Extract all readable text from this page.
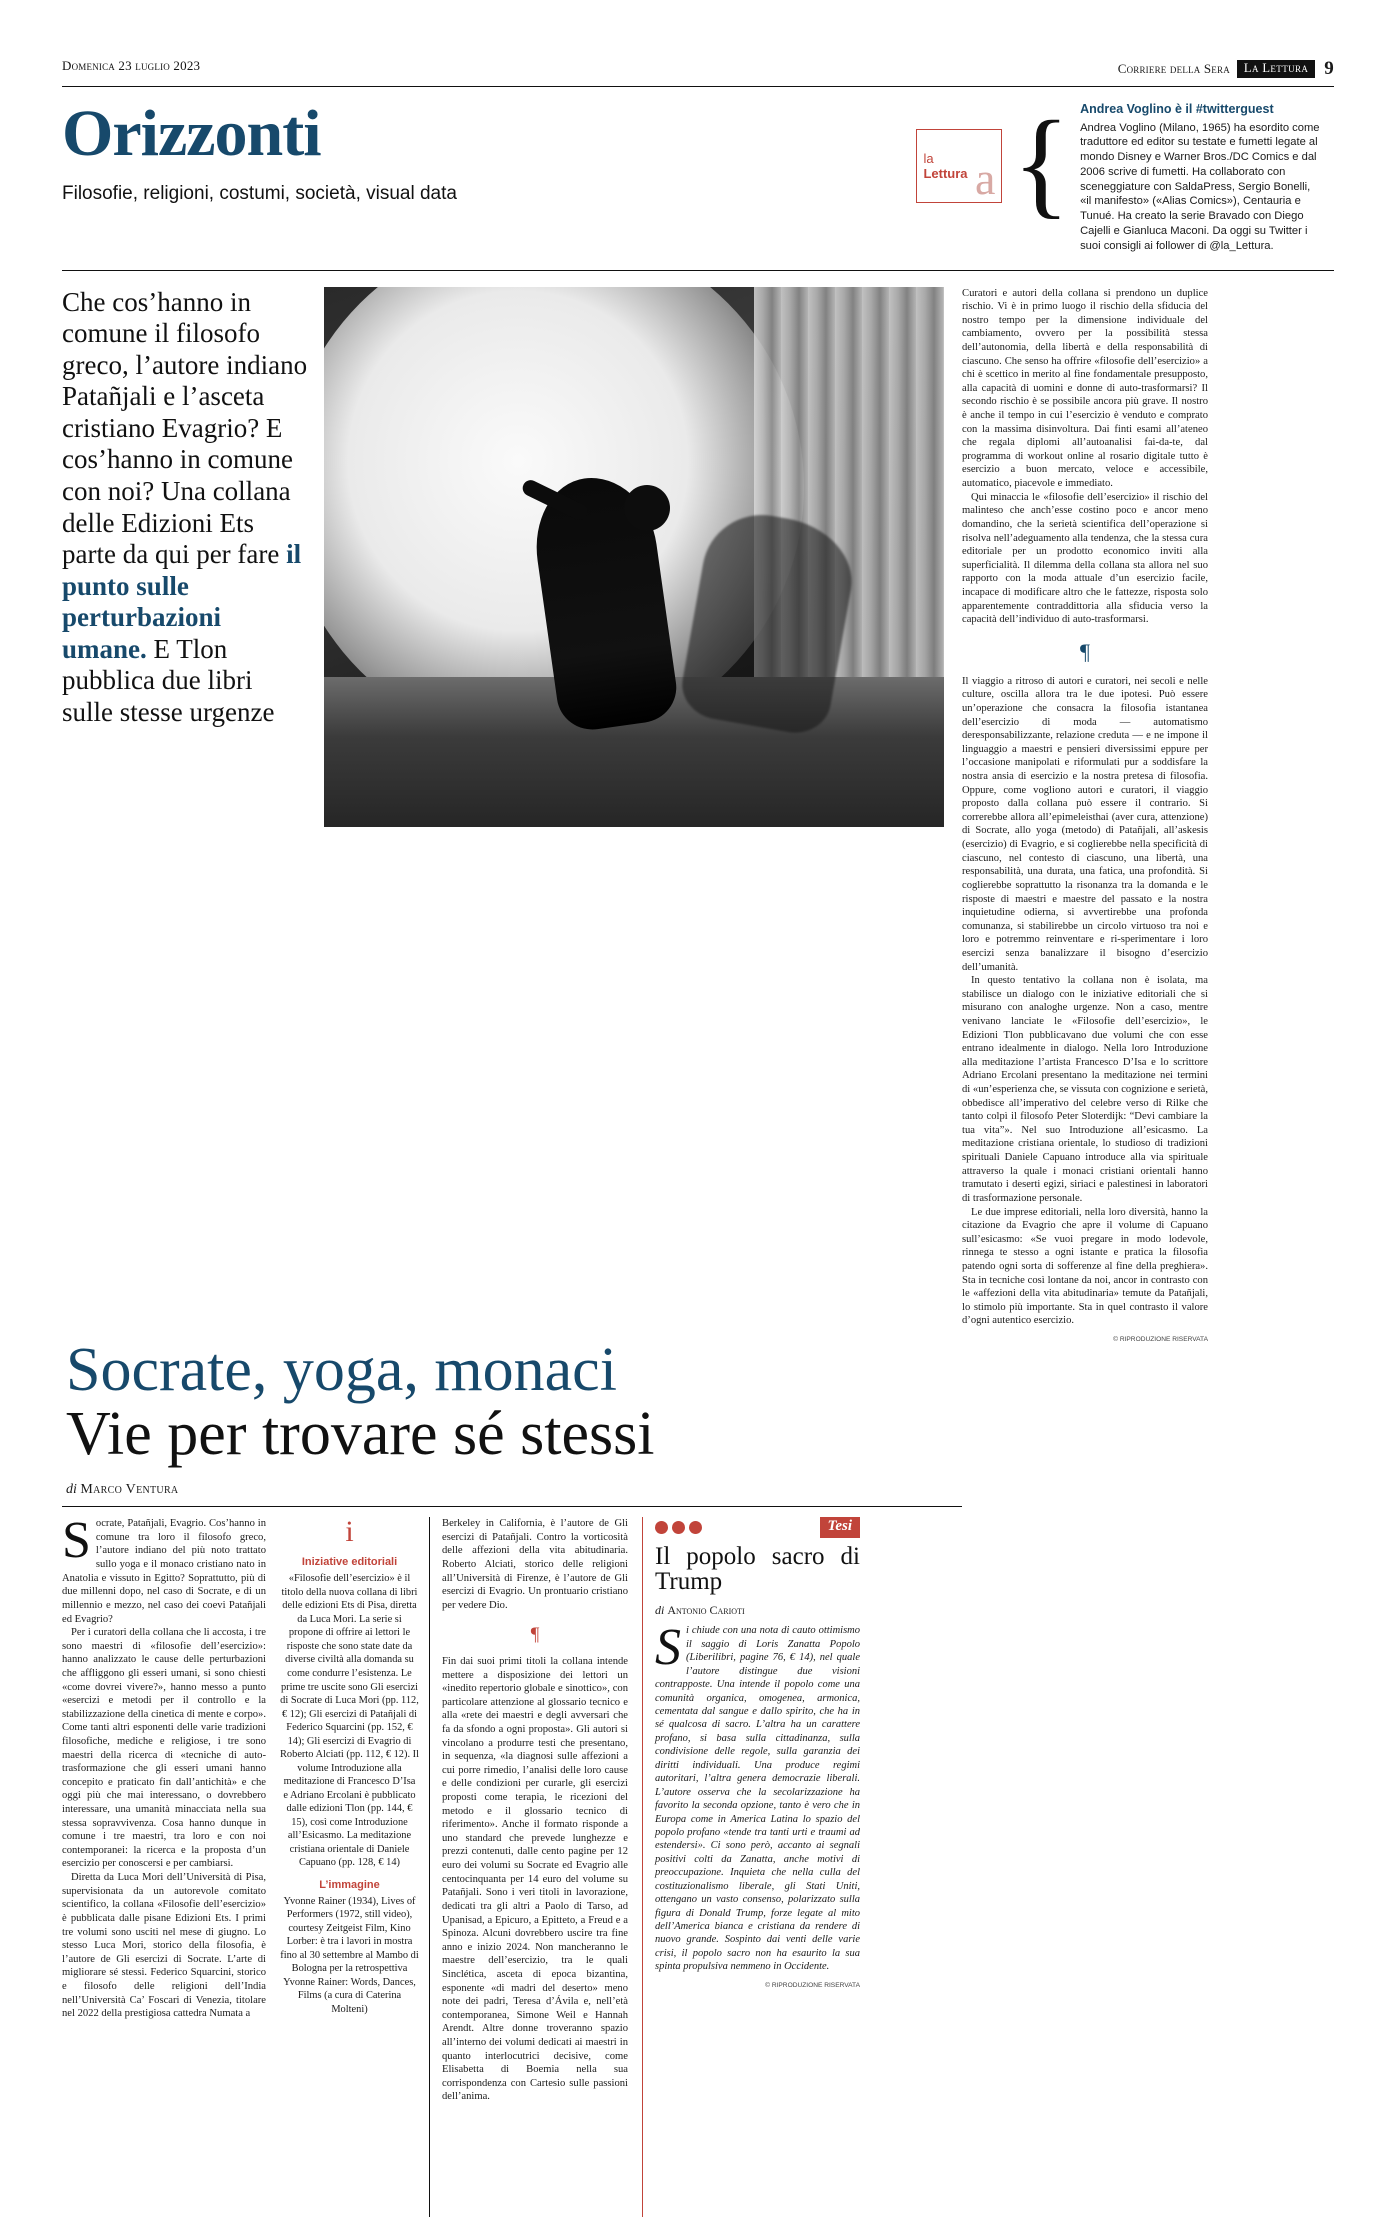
Domenica 23 luglio 2023	Corriere della Sera	La Lettura 9
Orizzonti
Filosofie, religioni, costumi, società, visual data
la
Lettura a { Andrea Voglino è il #twitterguest
Andrea Voglino (Milano, 1965) ha esordito come traduttore ed editor su testate e fumetti legate al mondo Disney e Warner Bros./DC Comics e dal 2006 scrive di fumetti. Ha collaborato con sceneggiature con SaldaPress, Sergio Bonelli, «il manifesto» («Alias Comics»), Centauria e Tunué. Ha creato la serie Bravado con Diego Cajelli e Gianluca Maconi. Da oggi su Twitter i suoi consigli ai follower di @la_Lettura.
Che cos’hanno in comune il filosofo greco, l’autore indiano Patañjali e l’asceta cristiano Evagrio? E cos’hanno in comune con noi? Una collana delle Edizioni Ets parte da qui per fare il punto sulle perturbazioni umane. E Tlon pubblica due libri sulle stesse urgenze

Curatori e autori della collana si prendono un duplice rischio. Vi è in primo luogo il rischio della sfiducia del nostro tempo per la dimensione individuale del cambiamento, ovvero per la possibilità stessa dell’autonomia, della libertà e della responsabilità di ciascuno. Che senso ha offrire «filosofie dell’esercizio» a chi è scettico in merito al fine fondamentale presupposto, alla capacità di uomini e donne di auto-trasformarsi? Il secondo rischio è se possibile ancora più grave. Il nostro è anche il tempo in cui l’esercizio è venduto e comprato con la massima disinvoltura. Dai finti esami all’ateneo che regala diplomi all’autoanalisi fai-da-te, dal programma di workout online al rosario digitale tutto è esercizio a buon mercato, veloce e accessibile, automatico, piacevole e immediato.

Qui minaccia le «filosofie dell’esercizio» il rischio del malinteso che anch’esse costino poco e ancor meno domandino, che la serietà scientifica dell’operazione si risolva nell’adeguamento alla tendenza, che la stessa cura editoriale per un prodotto economico inviti alla superficialità. Il dilemma della collana sta allora nel suo rapporto con la moda attuale d’un esercizio facile, incapace di modificare altro che le fattezze, risposta solo apparentemente contraddittoria alla sfiducia verso la capacità dell’individuo di auto-trasformarsi.

¶

Il viaggio a ritroso di autori e curatori, nei secoli e nelle culture, oscilla allora tra le due ipotesi. Può essere un’operazione che consacra la filosofia istantanea dell’esercizio di moda — automatismo deresponsabilizzante, relazione creduta — e ne impone il linguaggio a maestri e pensieri diversissimi eppure per l’occasione manipolati e riformulati pur a soddisfare la nostra ansia di esercizio e la nostra pretesa di filosofia. Oppure, come vogliono autori e curatori, il viaggio proposto dalla collana può essere il contrario. Si correrebbe allora all’epimeleisthai (aver cura, attenzione) di Socrate, allo yoga (metodo) di Patañjali, all’askesis (esercizio) di Evagrio, e si coglierebbe nella specificità di ciascuno, nel contesto di ciascuno, una libertà, una responsabilità, una durata, una fatica, una profondità. Si coglierebbe soprattutto la risonanza tra la domanda e le risposte di maestri e maestre del passato e la nostra inquietudine odierna, si avvertirebbe una profonda comunanza, si stabilirebbe un circolo virtuoso tra noi e loro e potremmo reinventare e ri-sperimentare i loro esercizi senza banalizzare il bisogno d’esercizio dell’umanità.

In questo tentativo la collana non è isolata, ma stabilisce un dialogo con le iniziative editoriali che si misurano con analoghe urgenze. Non a caso, mentre venivano lanciate le «Filosofie dell’esercizio», le Edizioni Tlon pubblicavano due volumi che con esse entrano idealmente in dialogo. Nella loro Introduzione alla meditazione l’artista Francesco D’Isa e lo scrittore Adriano Ercolani presentano la meditazione nei termini di «un’esperienza che, se vissuta con cognizione e serietà, obbedisce all’imperativo del celebre verso di Rilke che tanto colpì il filosofo Peter Sloterdijk: “Devi cambiare la tua vita”». Nel suo Introduzione all’esicasmo. La meditazione cristiana orientale, lo studioso di tradizioni spirituali Daniele Capuano introduce alla via spirituale attraverso la quale i monaci cristiani orientali hanno tramutato i deserti egizi, siriaci e palestinesi in laboratori di trasformazione personale.

Le due imprese editoriali, nella loro diversità, hanno la citazione da Evagrio che apre il volume di Capuano sull’esicasmo: «Se vuoi pregare in modo lodevole, rinnega te stesso a ogni istante e pratica la filosofia patendo ogni sorta di sofferenze al fine della preghiera». Sta in tecniche così lontane da noi, ancor in contrasto con le «affezioni della vita abitudinaria» temute da Patañjali, lo stimolo più importante. Sta in quel contrasto il valore d’ogni autentico esercizio.

© RIPRODUZIONE RISERVATA
Socrate, yoga, monaci
Vie per trovare sé stessi
di Marco Ventura

Socrate, Patañjali, Evagrio. Cos’hanno in comune tra loro il filosofo greco, l’autore indiano del più noto trattato sullo yoga e il monaco cristiano nato in Anatolia e vissuto in Egitto? Soprattutto, più di due millenni dopo, nel caso di Socrate, e di un millennio e mezzo, nel caso dei coevi Patañjali ed Evagrio?

Per i curatori della collana che li accosta, i tre sono maestri di «filosofie dell’esercizio»: hanno analizzato le cause delle perturbazioni che affliggono gli esseri umani, si sono chiesti «come dovrei vivere?», hanno messo a punto «esercizi e metodi per il controllo e la stabilizzazione della cinetica di mente e corpo». Come tanti altri esponenti delle varie tradizioni filosofiche, mediche e religiose, i tre sono maestri della ricerca di «tecniche di auto-trasformazione che gli esseri umani hanno concepito e praticato fin dall’antichità» e che oggi più che mai interessano, o dovrebbero interessare, una umanità minacciata nella sua stessa sopravvivenza. Cosa hanno dunque in comune i tre maestri, tra loro e con noi contemporanei: la ricerca e la proposta d’un esercizio per conoscersi e per cambiarsi.

Diretta da Luca Mori dell’Università di Pisa, supervisionata da un autorevole comitato scientifico, la collana «Filosofie dell’esercizio» è pubblicata dalle pisane Edizioni Ets. I primi tre volumi sono usciti nel mese di giugno. Lo stesso Luca Mori, storico della filosofia, è l’autore de Gli esercizi di Socrate. L’arte di migliorare sé stessi. Federico Squarcini, storico e filosofo delle religioni dell’India nell’Università Ca’ Foscari di Venezia, titolare nel 2022 della prestigiosa cattedra Numata a

i
Iniziative editoriali
«Filosofie dell’esercizio» è il titolo della nuova collana di libri delle edizioni Ets di Pisa, diretta da Luca Mori. La serie si propone di offrire ai lettori le risposte che sono state date da diverse civiltà alla domanda su come condurre l’esistenza. Le prime tre uscite sono Gli esercizi di Socrate di Luca Mori (pp. 112, € 12); Gli esercizi di Patañjali di Federico Squarcini (pp. 152, € 14); Gli esercizi di Evagrio di Roberto Alciati (pp. 112, € 12). Il volume Introduzione alla meditazione di Francesco D’Isa e Adriano Ercolani è pubblicato dalle edizioni Tlon (pp. 144, € 15), così come Introduzione all’Esicasmo. La meditazione cristiana orientale di Daniele Capuano (pp. 128, € 14)
L’immagine
Yvonne Rainer (1934), Lives of Performers (1972, still video), courtesy Zeitgeist Film, Kino Lorber: è tra i lavori in mostra fino al 30 settembre al Mambo di Bologna per la retrospettiva Yvonne Rainer: Words, Dances, Films (a cura di Caterina Molteni)

Berkeley in California, è l’autore de Gli esercizi di Patañjali. Contro la vorticosità delle affezioni della vita abitudinaria. Roberto Alciati, storico delle religioni all’Università di Firenze, è l’autore de Gli esercizi di Evagrio. Un prontuario cristiano per vedere Dio.

¶

Fin dai suoi primi titoli la collana intende mettere a disposizione dei lettori un «inedito repertorio globale e sinottico», con particolare attenzione al glossario tecnico e alla «rete dei maestri e degli avversari che fa da sfondo a ogni proposta». Gli autori si vincolano a produrre testi che presentano, in sequenza, «la diagnosi sulle affezioni a cui porre rimedio, l’analisi delle loro cause e delle condizioni per curarle, gli esercizi proposti come terapia, le ricezioni del metodo e il glossario tecnico di riferimento». Anche il formato risponde a uno standard che prevede lunghezze e prezzi contenuti, dalle cento pagine per 12 euro dei volumi su Socrate ed Evagrio alle centocinquanta per 14 euro del volume su Patañjali. Sono i veri titoli in lavorazione, dedicati tra gli altri a Paolo di Tarso, ad Upanisad, a Epicuro, a Epitteto, a Freud e a Spinoza. Alcuni dovrebbero uscire tra fine anno e inizio 2024. Non mancheranno le maestre dell’esercizio, tra le quali Sinclética, asceta di epoca bizantina, esponente «di madri del deserto» meno note dei padri, Teresa d’Ávila e, nell’età contemporanea, Simone Weil e Hannah Arendt. Altre donne troveranno spazio all’interno dei volumi dedicati ai maestri in quanto interlocutrici decisive, come Elisabetta di Boemia nella sua corrispondenza con Cartesio sulle passioni dell’anima.

Tesi
Il popolo sacro di Trump
di Antonio Carioti

Si chiude con una nota di cauto ottimismo il saggio di Loris Zanatta Popolo (Liberilibri, pagine 76, € 14), nel quale l’autore distingue due visioni contrapposte. Una intende il popolo come una comunità organica, omogenea, armonica, cementata dal sangue e dallo spirito, che ha in sé qualcosa di sacro. L’altra ha un carattere profano, si basa sulla cittadinanza, sulla condivisione delle regole, sulla garanzia dei diritti individuali. Una produce regimi autoritari, l’altra genera democrazie liberali. L’autore osserva che la secolarizzazione ha favorito la seconda opzione, tanto è vero che in Europa come in America Latina lo spazio del popolo profano «tende tra tanti urti e traumi ad estendersi». Ci sono però, accanto ai segnali positivi colti da Zanatta, anche motivi di preoccupazione. Inquieta che nella culla del costituzionalismo liberale, gli Stati Uniti, ottengano un vasto consenso, polarizzato sulla figura di Donald Trump, forze legate al mito dell’America bianca e cristiana da rendere di nuovo grande. Sospinto dai venti delle varie crisi, il popolo sacro non ha esaurito la sua spinta propulsiva nemmeno in Occidente.

© RIPRODUZIONE RISERVATA
